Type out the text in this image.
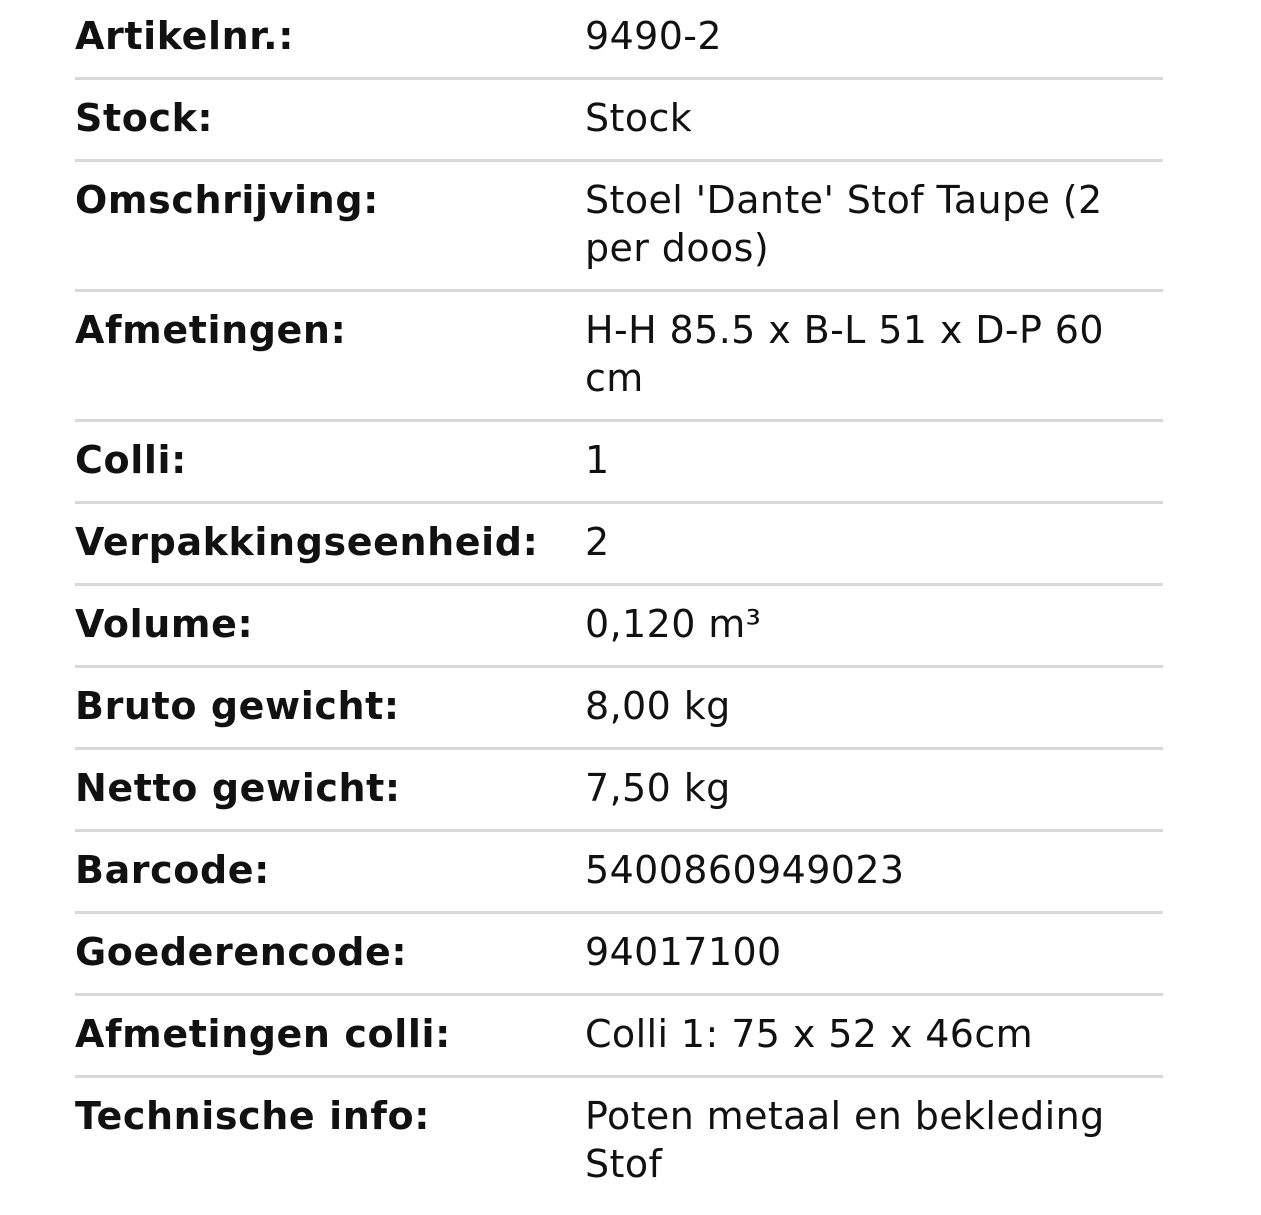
Artikelnr.:	9490-2
Stock:	Stock
Omschrijving:	Stoel 'Dante' Stof Taupe (2 per doos)
Afmetingen:	H-H 85.5 x B-L 51 x D-P 60 cm
Colli:	1
Verpakkingseenheid:	2
Volume:	0,120 m³
Bruto gewicht:	8,00 kg
Netto gewicht:	7,50 kg
Barcode:	5400860949023
Goederencode:	94017100
Afmetingen colli:	Colli 1: 75 x 52 x 46cm
Technische info:	Poten metaal en bekleding Stof
